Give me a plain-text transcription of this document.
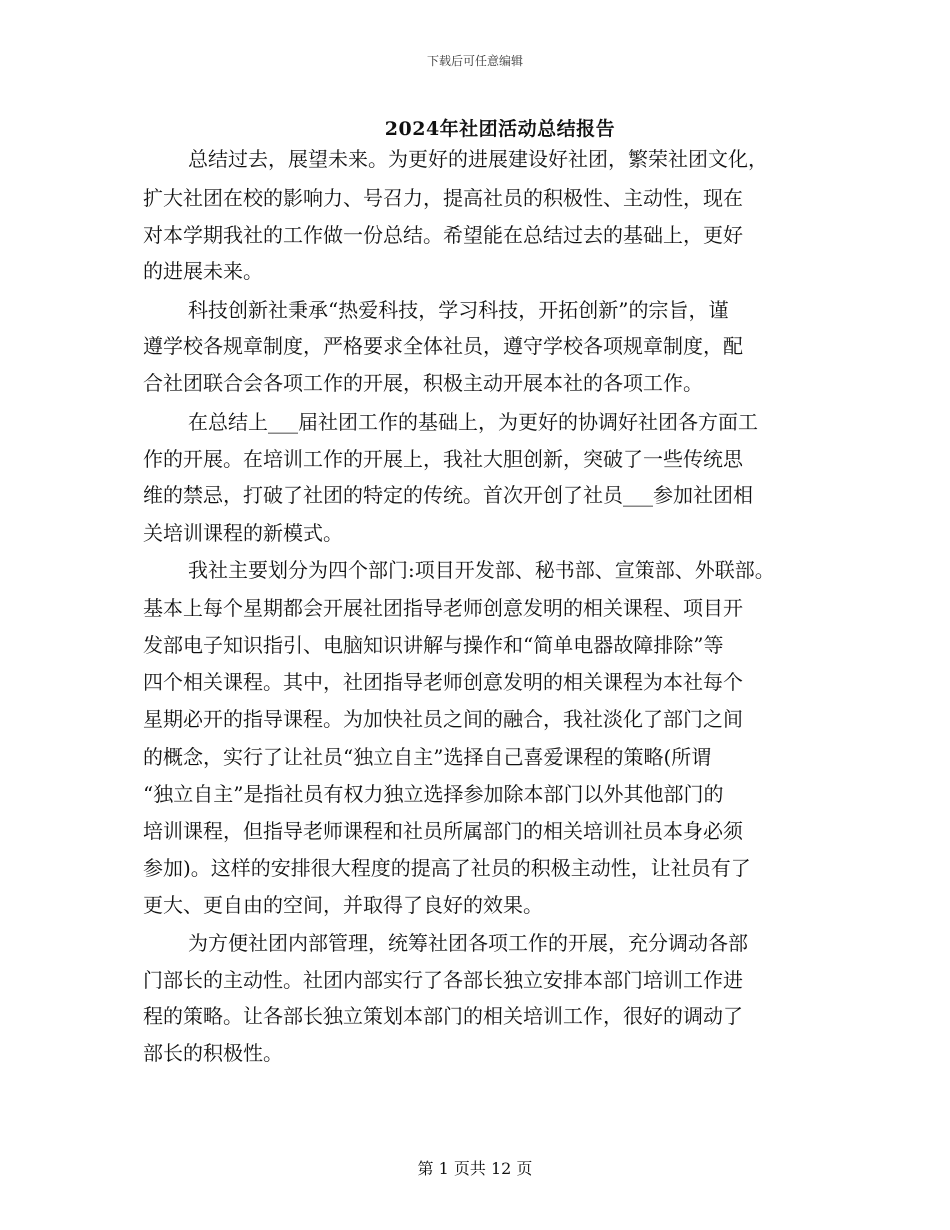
下载后可任意编辑
2024年社团活动总结报告
总结过去，展望未来。为更好的进展建设好社团，繁荣社团文化，
扩大社团在校的影响力、号召力，提高社员的积极性、主动性，现在
对本学期我社的工作做一份总结。希望能在总结过去的基础上，更好
的进展未来。
科技创新社秉承“热爱科技，学习科技，开拓创新”的宗旨，谨
遵学校各规章制度，严格要求全体社员，遵守学校各项规章制度，配
合社团联合会各项工作的开展，积极主动开展本社的各项工作。
在总结上___届社团工作的基础上，为更好的协调好社团各方面工
作的开展。在培训工作的开展上，我社大胆创新，突破了一些传统思
维的禁忌，打破了社团的特定的传统。首次开创了社员___参加社团相
关培训课程的新模式。
我社主要划分为四个部门:项目开发部、秘书部、宣策部、外联部。
基本上每个星期都会开展社团指导老师创意发明的相关课程、项目开
发部电子知识指引、电脑知识讲解与操作和“简单电器故障排除”等
四个相关课程。其中，社团指导老师创意发明的相关课程为本社每个
星期必开的指导课程。为加快社员之间的融合，我社淡化了部门之间
的概念，实行了让社员“独立自主”选择自己喜爱课程的策略(所谓
“独立自主”是指社员有权力独立选择参加除本部门以外其他部门的
培训课程，但指导老师课程和社员所属部门的相关培训社员本身必须
参加)。这样的安排很大程度的提高了社员的积极主动性，让社员有了
更大、更自由的空间，并取得了良好的效果。
为方便社团内部管理，统筹社团各项工作的开展，充分调动各部
门部长的主动性。社团内部实行了各部长独立安排本部门培训工作进
程的策略。让各部长独立策划本部门的相关培训工作，很好的调动了
部长的积极性。
第 1 页共 12 页
